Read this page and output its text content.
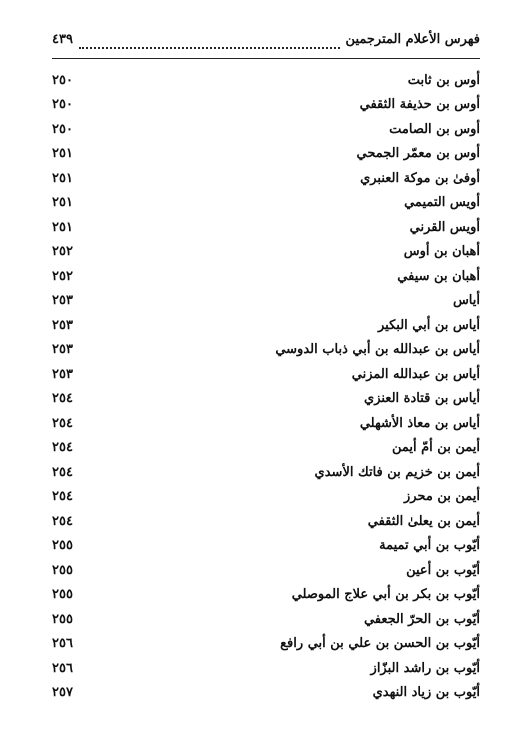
فهرس الأعلام المترجمين
٤٣٩
أوس بن ثابت
٢٥٠
أوس بن حذيفة الثقفي
٢٥٠
أوس بن الصامت
٢٥٠
أوس بن معمّر الجمحي
٢٥١
أوفىٰ بن موكة العنبري
٢٥١
أويس التميمي
٢٥١
أويس القرني
٢٥١
أهبان بن أوس
٢٥٢
أهبان بن سيفي
٢٥٢
أياس
٢٥٣
أياس بن أبي البكير
٢٥٣
أياس بن عبدالله بن أبي ذباب الدوسي
٢٥٣
أياس بن عبدالله المزني
٢٥٣
أياس بن قتادة العنزي
٢٥٤
أياس بن معاذ الأشهلي
٢٥٤
أيمن بن أمّ أيمن
٢٥٤
أيمن بن خزيم بن فاتك الأسدي
٢٥٤
أيمن بن محرز
٢٥٤
أيمن بن يعلىٰ الثقفي
٢٥٤
أيّوب بن أبي تميمة
٢٥٥
أيّوب بن أعين
٢٥٥
أيّوب بن بكر بن أبي علاج الموصلي
٢٥٥
أيّوب بن الحرّ الجعفي
٢٥٥
أيّوب بن الحسن بن علي بن أبي رافع
٢٥٦
أيّوب بن راشد البزّاز
٢٥٦
أيّوب بن زياد النهدي
٢٥٧
